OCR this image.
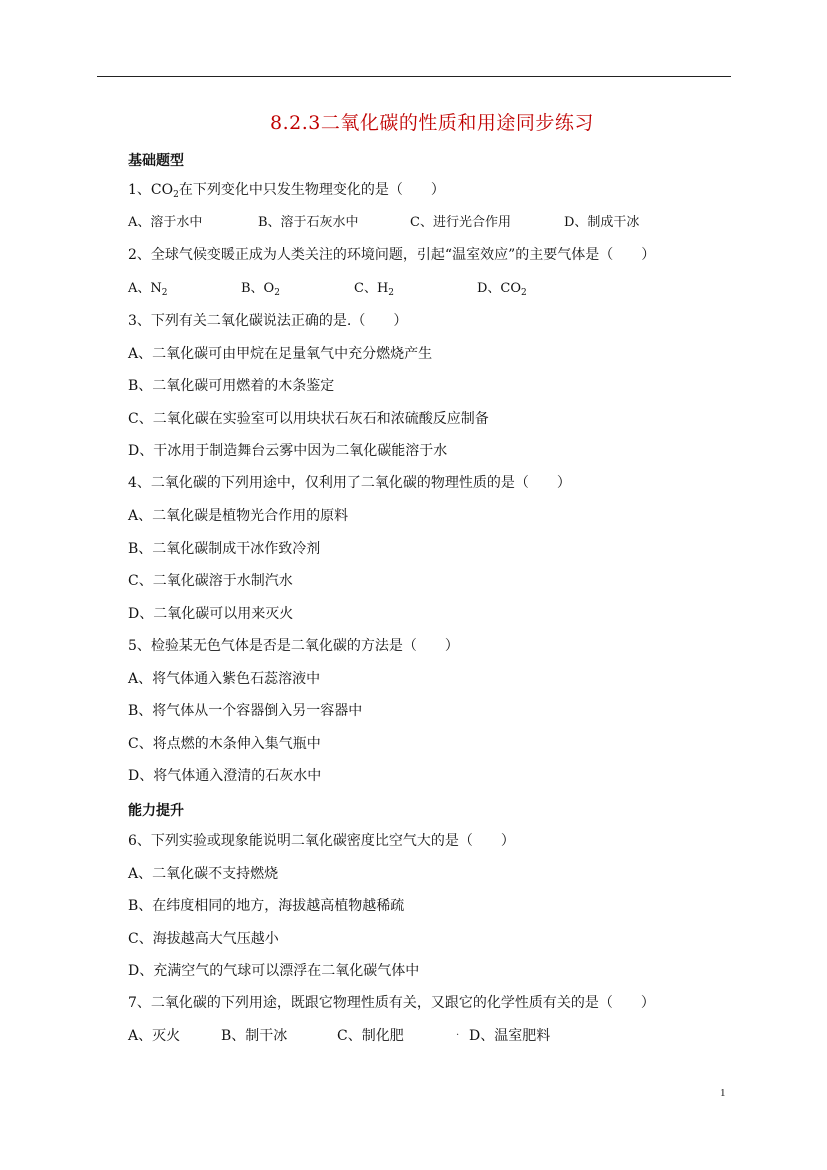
8.2.3二氧化碳的性质和用途同步练习
基础题型
1、$CO_2$在下列变化中只发生物理变化的是（　　）
A、溶于水中	B、溶于石灰水中	C、进行光合作用	D、制成干冰
2、全球气候变暖正成为人类关注的环境问题，引起“温室效应”的主要气体是（　　）
A、$N_2$	B、$O_2$	C、$H_2$	D、$CO_2$
3、下列有关二氧化碳说法正确的是.（　　）
A、二氧化碳可由甲烷在足量氧气中充分燃烧产生
B、二氧化碳可用燃着的木条鉴定
C、二氧化碳在实验室可以用块状石灰石和浓硫酸反应制备
D、干冰用于制造舞台云雾中因为二氧化碳能溶于水
4、二氧化碳的下列用途中，仅利用了二氧化碳的物理性质的是（　　）
A、二氧化碳是植物光合作用的原料
B、二氧化碳制成干冰作致冷剂
C、二氧化碳溶于水制汽水
D、二氧化碳可以用来灭火
5、检验某无色气体是否是二氧化碳的方法是（　　）
A、将气体通入紫色石蕊溶液中
B、将气体从一个容器倒入另一容器中
C、将点燃的木条伸入集气瓶中
D、将气体通入澄清的石灰水中
能力提升
6、下列实验或现象能说明二氧化碳密度比空气大的是（　　）
A、二氧化碳不支持燃烧
B、在纬度相同的地方，海拔越高植物越稀疏
C、海拔越高大气压越小
D、充满空气的气球可以漂浮在二氧化碳气体中
7、二氧化碳的下列用途，既跟它物理性质有关，又跟它的化学性质有关的是（　　）
A、灭火	B、制干冰	C、制化肥	D、温室肥料
·
1
